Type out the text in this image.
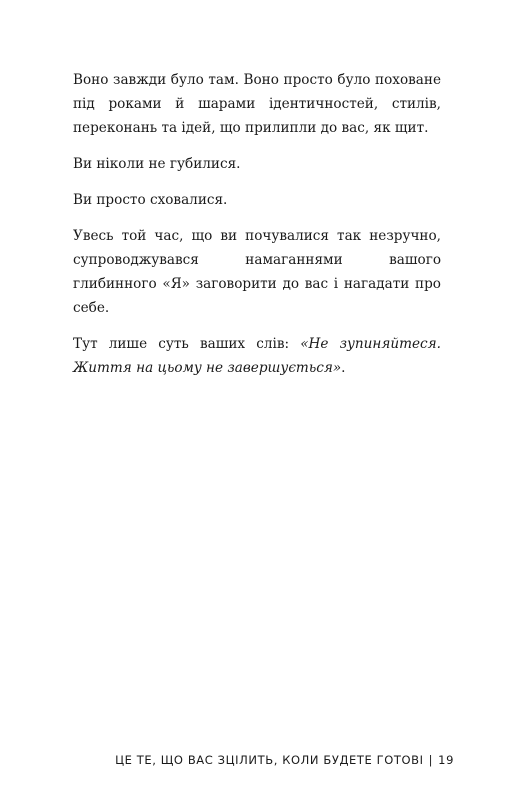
Воно завжди було там. Воно просто було поховане під роками й шарами ідентичностей, стилів, переконань та ідей, що прилипли до вас, як щит.

Ви ніколи не губилися.

Ви просто сховалися.

Увесь той час, що ви почувалися так незручно, супроводжувався намаганнями вашого глибинного «Я» заговорити до вас і нагадати про себе.

Тут лише суть ваших слів: «Не зупиняйтеся. Життя на цьому не завершується».

ЦЕ ТЕ, ЩО ВАС ЗЦІЛИТЬ, КОЛИ БУДЕТЕ ГОТОВІ | 19
